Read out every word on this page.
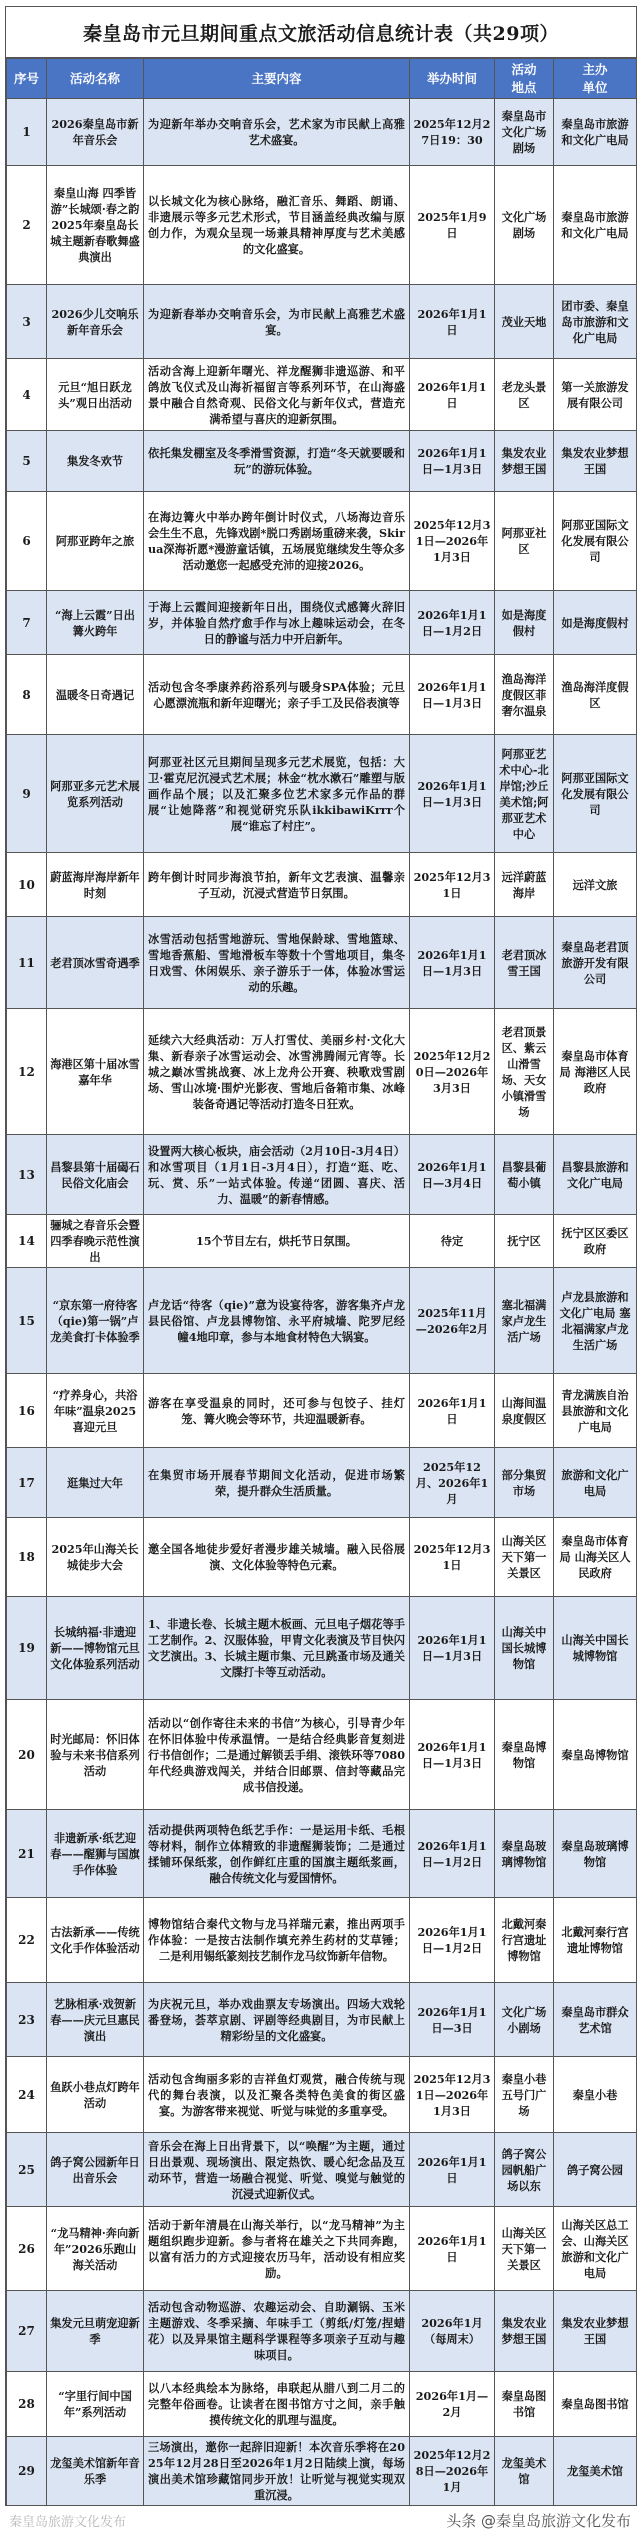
秦皇岛市元旦期间重点文旅活动信息统计表（共29项）
序号	活动名称	主要内容	举办时间	活动地点	主办单位
1	2026秦皇岛市新年音乐会	为迎新年举办交响音乐会，艺术家为市民献上高雅艺术盛宴。	2025年12月27日19：30	秦皇岛市文化广场剧场	秦皇岛市旅游和文化广电局
2	秦皇山海 四季皆游”长城颂·春之韵2025年秦皇岛长城主题新春歌舞盛典演出	以长城文化为核心脉络，融汇音乐、舞蹈、朗诵、非遗展示等多元艺术形式，节目涵盖经典改编与原创力作，为观众呈现一场兼具精神厚度与艺术美感的文化盛宴。	2025年1月9日	文化广场剧场	秦皇岛市旅游和文化广电局
3	2026少儿交响乐新年音乐会	为迎新春举办交响音乐会，为市民献上高雅艺术盛宴。	2026年1月1日	茂业天地	团市委、秦皇岛市旅游和文化广电局
4	元旦“旭日跃龙头”观日出活动	活动含海上迎新年曙光、祥龙醒狮非遗巡游、和平鸽放飞仪式及山海祈福留言等系列环节，在山海盛景中融合自然奇观、民俗文化与新年仪式，营造充满希望与喜庆的迎新氛围。	2026年1月1日	老龙头景区	第一关旅游发展有限公司
5	集发冬欢节	依托集发棚室及冬季滑雪资源，打造“冬天就要暖和玩”的游玩体验。	2026年1月1日—1月3日	集发农业梦想王国	集发农业梦想王国
6	阿那亚跨年之旅	在海边篝火中举办跨年倒计时仪式，八场海边音乐会生生不息，先锋戏剧*脱口秀剧场重磅来袭，Skirua深海祈愿*漫游童话镇，五场展览继续发生等众多活动邀您一起感受充沛的迎接2026。	2025年12月31日—2026年1月3日	阿那亚社区	阿那亚国际文化发展有限公司
7	“海上云霞”日出篝火跨年	于海上云霞间迎接新年日出，围绕仪式感篝火辞旧岁，并体验自然疗愈手作与冰上趣味运动会，在冬日的静谧与活力中开启新年。	2026年1月1日—1月2日	如是海度假村	如是海度假村
8	温暖冬日奇遇记	活动包含冬季康养药浴系列与暖身SPA体验；元旦心愿漂流瓶和新年迎曙光；亲子手工及民俗表演等	2026年1月1日—1月3日	渔岛海洋度假区菲奢尔温泉	渔岛海洋度假区
9	阿那亚多元艺术展览系列活动	阿那亚社区元旦期间呈现多元艺术展览，包括：大卫·霍克尼沉浸式艺术展；林金“枕水漱石”雕塑与版画作品个展；以及汇聚多位艺术家多元作品的群展“让她降落”和视觉研究乐队ikkibawiKrrr个展“谁忘了村庄”。	2026年1月1日—1月3日	阿那亚艺术中心-北岸馆;沙丘美术馆;阿那亚艺术中心	阿那亚国际文化发展有限公司
10	蔚蓝海岸海岸新年时刻	跨年倒计时同步海浪节拍，新年文艺表演、温馨亲子互动，沉浸式营造节日氛围。	2025年12月31日	远洋蔚蓝海岸	远洋文旅
11	老君顶冰雪奇遇季	冰雪活动包括雪地游玩、雪地保龄球、雪地篮球、雪地香蕉船、雪地滑板车等数十个雪地项目，集冬日戏雪、休闲娱乐、亲子游乐于一体，体验冰雪运动的乐趣。	2026年1月1日—1月3日	老君顶冰雪王国	秦皇岛老君顶旅游开发有限公司
12	海港区第十届冰雪嘉年华	延续六大经典活动：万人打雪仗、美丽乡村·文化大集、新春亲子冰雪运动会、冰雪沸腾闹元宵等。长城之巅冰雪挑战赛、冰上龙舟公开赛、秧歌戏雪剧场、雪山冰境·围炉光影夜、雪地后备箱市集、冰峰装备奇遇记等活动打造冬日狂欢。	2025年12月20日—2026年3月3日	老君顶景区、紫云山滑雪场、天女小镇滑雪场	秦皇岛市体育局 海港区人民政府
13	昌黎县第十届碣石民俗文化庙会	设置两大核心板块，庙会活动（2月10日-3月4日）和冰雪项目（1月1日-3月4日），打造“逛、吃、玩、赏、乐”一站式体验。传递“团圆、喜庆、活力、温暖”的新春情感。	2026年1月1日—3月4日	昌黎县葡萄小镇	昌黎县旅游和文化广电局
14	骊城之春音乐会暨四季春晚示范性演出	15个节目左右，烘托节日氛围。	待定	抚宁区	抚宁区区委区政府
15	“京东第一府待客（qie)第一锅”卢龙美食打卡体验季	卢龙话“待客（qie)”意为设宴待客，游客集齐卢龙县民俗馆、卢龙县博物馆、永平府城墙、陀罗尼经幢4地印章，参与本地食材特色大锅宴。	2025年11月—2026年2月	塞北福满家卢龙生活广场	卢龙县旅游和文化广电局 塞北福满家卢龙生活广场
16	“疗养身心，共浴年味”温泉2025喜迎元旦	游客在享受温泉的同时，还可参与包饺子、挂灯笼、篝火晚会等环节，共迎温暖新春。	2026年1月1日	山海间温泉度假区	青龙满族自治县旅游和文化广电局
17	逛集过大年	在集贸市场开展春节期间文化活动，促进市场繁荣，提升群众生活质量。	2025年12月、2026年1月	部分集贸市场	旅游和文化广电局
18	2025年山海关长城徒步大会	邀全国各地徒步爱好者漫步雄关城墙。融入民俗展演、文化体验等特色元素。	2025年12月31日	山海关区天下第一关景区	秦皇岛市体育局 山海关区人民政府
19	长城纳福·非遗迎新——博物馆元旦文化体验系列活动	1、非遗长卷、长城主题木板画、元旦电子烟花等手工艺制作。2、汉服体验，甲胄文化表演及节目快闪文艺演出。3、长城主题市集、元旦跳蚤市场及通关文牒打卡等互动活动。	2026年1月1日—1月3日	山海关中国长城博物馆	山海关中国长城博物馆
20	时光邮局：怀旧体验与未来书信系列活动	活动以“创作寄往未来的书信”为核心，引导青少年在怀旧体验中传承温情。一是结合经典影音复刻进行书信创作；二是通过解锁丢手绢、滚铁环等7080年代经典游戏闯关，并结合旧邮票、信封等藏品完成书信投递。	2026年1月1日—1月3日	秦皇岛博物馆	秦皇岛博物馆
21	非遗新承·纸艺迎春——醒狮与国旗手作体验	活动提供两项特色纸艺手作：一是运用卡纸、毛根等材料，制作立体精致的非遗醒狮装饰；二是通过揉铺环保纸浆，创作鲜红庄重的国旗主题纸浆画，融合传统文化与爱国情怀。	2026年1月1日—1月2日	秦皇岛玻璃博物馆	秦皇岛玻璃博物馆
22	古法新承——传统文化手作体验活动	博物馆结合秦代文物与龙马祥瑞元素，推出两项手作体验：一是按古法制作填充养生药材的艾草锤；二是利用锡纸篆刻技艺制作龙马纹饰新年信物。	2026年1月1日—1月2日	北戴河秦行宫遗址博物馆	北戴河秦行宫遗址博物馆
23	艺脉相承·戏贺新春——庆元旦惠民演出	为庆祝元旦，举办戏曲票友专场演出。四场大戏轮番登场，荟萃京剧、评剧等经典剧目，为市民献上精彩纷呈的文化盛宴。	2026年1月1日—3日	文化广场小剧场	秦皇岛市群众艺术馆
24	鱼跃小巷点灯跨年活动	活动包含绚丽多彩的吉祥鱼灯观赏，融合传统与现代的舞台表演，以及汇聚各类特色美食的街区盛宴。为游客带来视觉、听觉与味觉的多重享受。	2025年12月31日—2026年1月3日	秦皇小巷五号门广场	秦皇小巷
25	鸽子窝公园新年日出音乐会	音乐会在海上日出背景下，以“唤醒”为主题，通过日出景观、现场演出、限定热饮、暖心纪念品及互动环节，营造一场融合视觉、听觉、嗅觉与触觉的沉浸式迎新仪式。	2026年1月1日	鸽子窝公园帆船广场以东	鸽子窝公园
26	“龙马精神·奔向新年”2026乐跑山海关活动	活动于新年清晨在山海关举行，以“龙马精神”为主题组织跑步迎新。参与者将在雄关之下共同奔跑，以富有活力的方式迎接农历马年，活动设有相应奖励。	2026年1月1日	山海关区天下第一关景区	山海关区总工会、山海关区旅游和文化广电局
27	集发元旦萌宠迎新季	活动包含动物巡游、农趣运动会、自助涮锅、玉米主题游戏、冬季采摘、年味手工（剪纸/灯笼/捏蜡花）以及异果馆主题科学课程等多项亲子互动与趣味项目。	2026年1月（每周末）	集发农业梦想王国	集发农业梦想王国
28	“字里行间中国年”系列活动	以八本经典绘本为脉络，串联起从腊八到二月二的完整年俗画卷。让读者在图书馆方寸之间，亲手触摸传统文化的肌理与温度。	2026年1月—2月	秦皇岛图书馆	秦皇岛图书馆
29	龙玺美术馆新年音乐季	三场演出，邀你一起辞旧迎新！本次音乐季将在2025年12月28日至2026年1月2日陆续上演，每场演出美术馆珍藏馆同步开放！让听觉与视觉实现双重沉浸。	2025年12月28日—2026年1月	龙玺美术馆	龙玺美术馆
秦皇岛旅游文化发布	头条 @秦皇岛旅游文化发布
